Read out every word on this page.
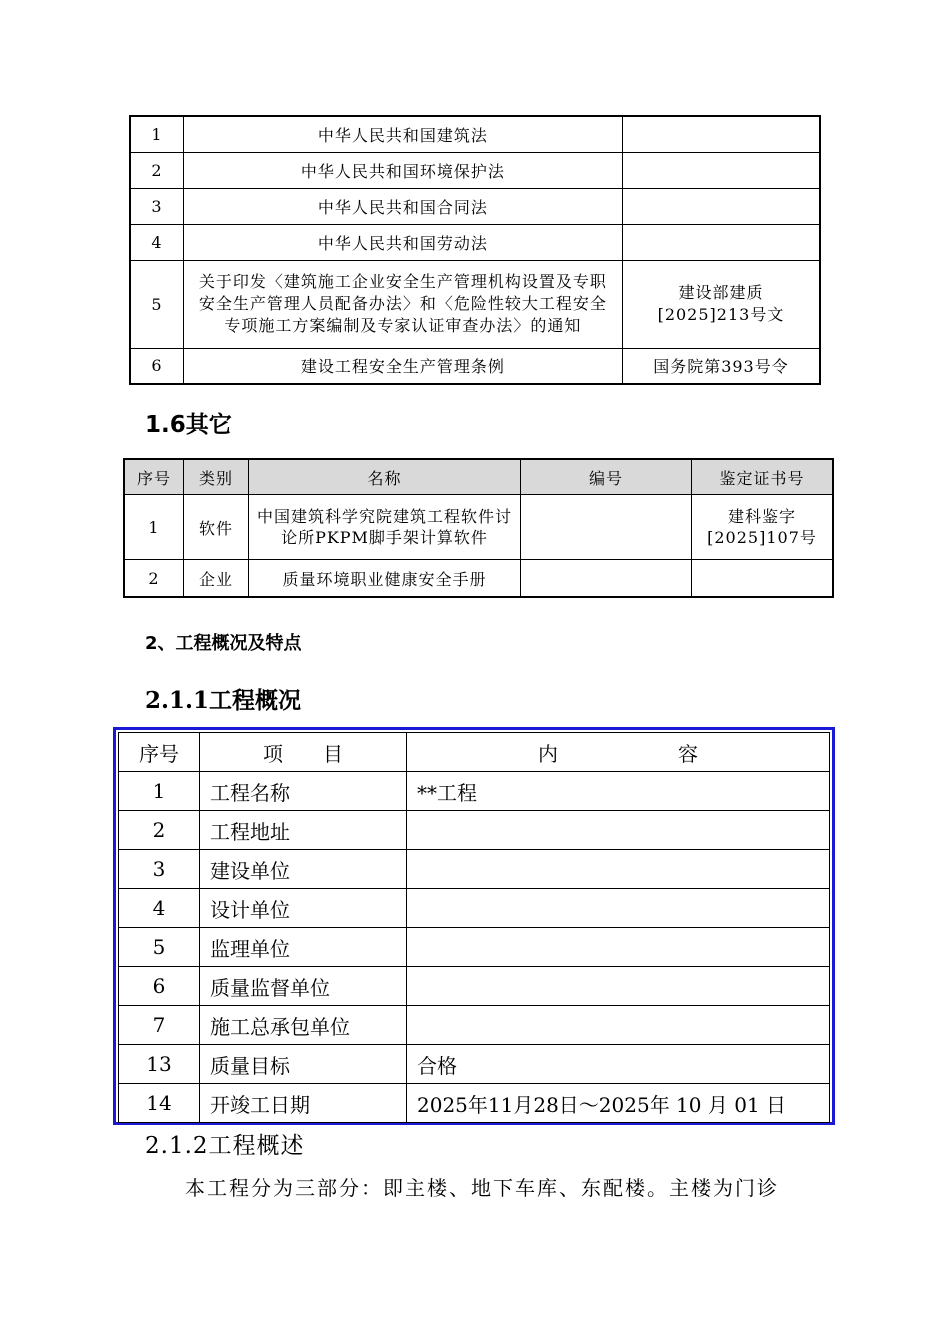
1	中华人民共和国建筑法	
2	中华人民共和国环境保护法	
3	中华人民共和国合同法	
4	中华人民共和国劳动法	
5	关于印发〈建筑施工企业安全生产管理机构设置及专职安全生产管理人员配备办法〉和〈危险性较大工程安全专项施工方案编制及专家认证审查办法〉的通知	建设部建质[2025]213号文
6	建设工程安全生产管理条例	国务院第393号令
1.6其它
序号	类别	名称	编号	鉴定证书号
1	软件	中国建筑科学究院建筑工程软件讨论所PKPM脚手架计算软件		建科鉴字[2025]107号
2	企业	质量环境职业健康安全手册		
2、工程概况及特点
2.1.1工程概况
序号	项　　目	内　　　　　　容
1	工程名称	**工程
2	工程地址	
3	建设单位	
4	设计单位	
5	监理单位	
6	质量监督单位	
7	施工总承包单位	
13	质量目标	合格
14	开竣工日期	2025年11月28日～2025年 10 月 01 日
2.1.2工程概述
本工程分为三部分：即主楼、地下车库、东配楼。主楼为门诊
